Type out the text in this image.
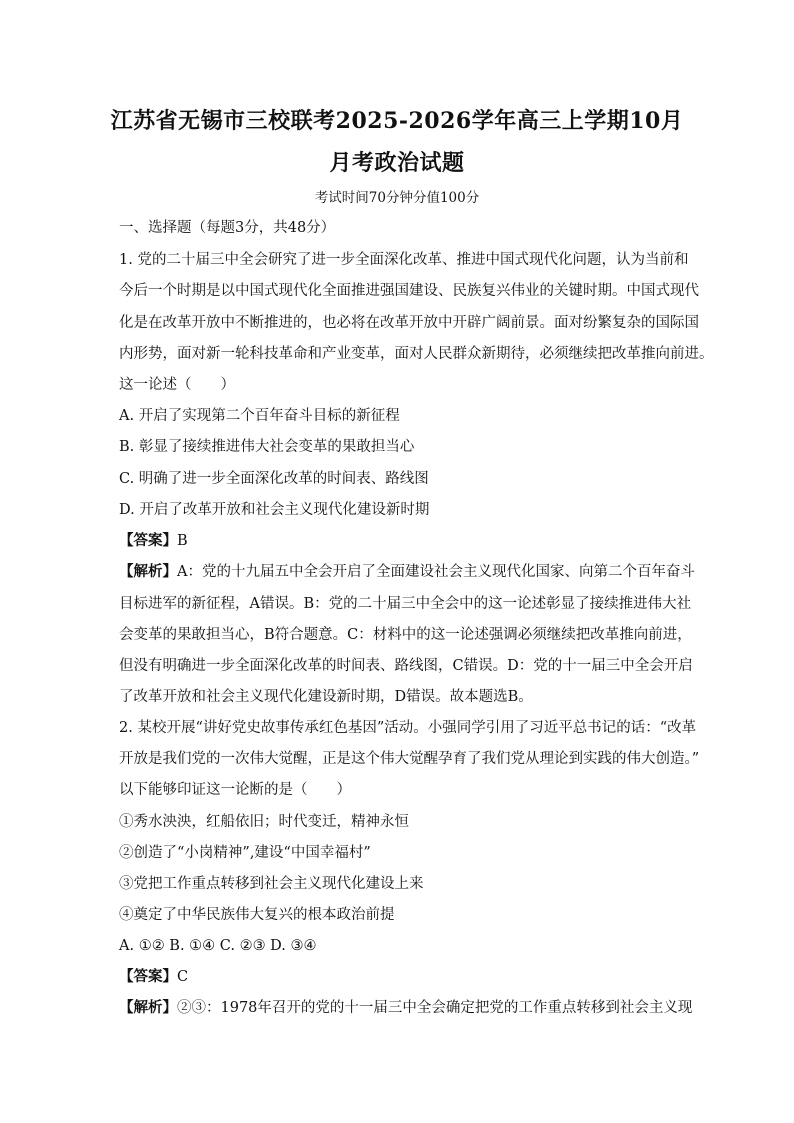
江苏省无锡市三校联考2025-2026学年高三上学期10月
月考政治试题
考试时间70分钟分值100分
一、选择题（每题3分，共48分）
1. 党的二十届三中全会研究了进一步全面深化改革、推进中国式现代化问题，认为当前和
今后一个时期是以中国式现代化全面推进强国建设、民族复兴伟业的关键时期。中国式现代
化是在改革开放中不断推进的，也必将在改革开放中开辟广阔前景。面对纷繁复杂的国际国
内形势，面对新一轮科技革命和产业变革，面对人民群众新期待，必须继续把改革推向前进。
这一论述（　　）
A. 开启了实现第二个百年奋斗目标的新征程
B. 彰显了接续推进伟大社会变革的果敢担当心
C. 明确了进一步全面深化改革的时间表、路线图
D. 开启了改革开放和社会主义现代化建设新时期
【答案】B
【解析】A：党的十九届五中全会开启了全面建设社会主义现代化国家、向第二个百年奋斗
目标进军的新征程，A错误。B：党的二十届三中全会中的这一论述彰显了接续推进伟大社
会变革的果敢担当心，B符合题意。C：材料中的这一论述强调必须继续把改革推向前进，
但没有明确进一步全面深化改革的时间表、路线图，C错误。D：党的十一届三中全会开启
了改革开放和社会主义现代化建设新时期，D错误。故本题选B。
2. 某校开展“讲好党史故事传承红色基因”活动。小强同学引用了习近平总书记的话：“改革
开放是我们党的一次伟大觉醒，正是这个伟大觉醒孕育了我们党从理论到实践的伟大创造。”
以下能够印证这一论断的是（　　）
①秀水泱泱，红船依旧；时代变迁，精神永恒
②创造了“小岗精神”,建设“中国幸福村”
③党把工作重点转移到社会主义现代化建设上来
④奠定了中华民族伟大复兴的根本政治前提
A. ①② B. ①④ C. ②③ D. ③④
【答案】C
【解析】②③：1978年召开的党的十一届三中全会确定把党的工作重点转移到社会主义现
